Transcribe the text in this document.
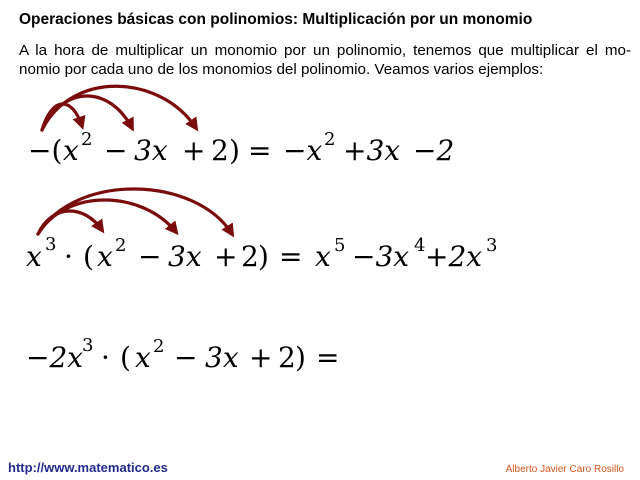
Operaciones básicas con polinomios: Multiplicación por un monomio
A la hora de multiplicar un monomio por un polinomio, tenemos que multiplicar el mo-
nomio por cada uno de los monomios del polinomio. Veamos varios ejemplos:
−( x 2 − 3x + 2 ) = −x 2 +3x −2
x 3 · ( x 2 − 3x + 2 ) = x 5 −3x 4 +2x 3
−2x
3 · ( x 2 − 3x + 2 ) =
http://www.matematico.es	Alberto Javier Caro Rosillo
